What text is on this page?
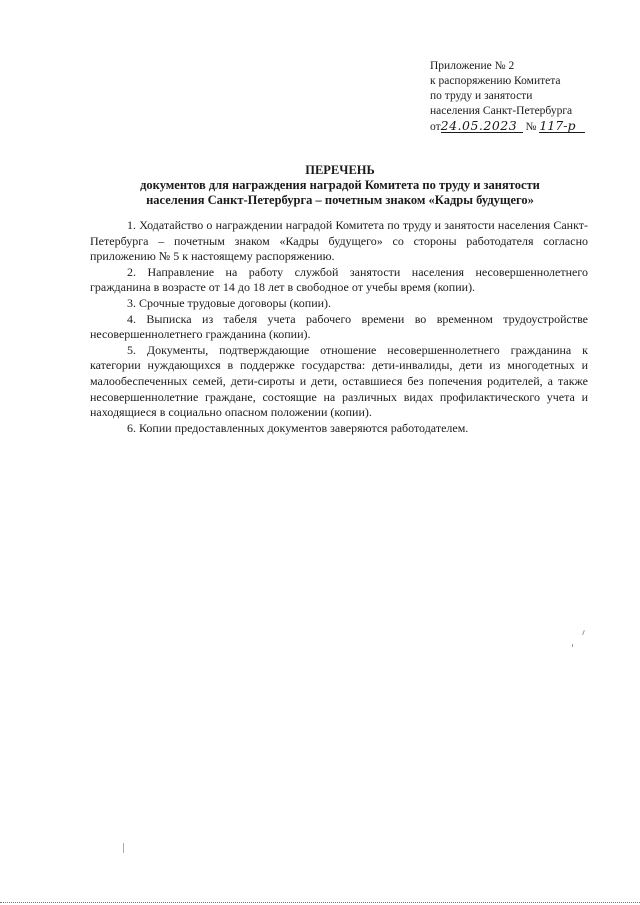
Приложение № 2
к распоряжению Комитета
по труду и занятости
населения Санкт-Петербурга
от24.05.2023 № 117-р
ПЕРЕЧЕНЬ
документов для награждения наградой Комитета по труду и занятости
населения Санкт-Петербурга – почетным знаком «Кадры будущего»

1. Ходатайство о награждении наградой Комитета по труду и занятости населения Санкт-Петербурга – почетным знаком «Кадры будущего» со стороны работодателя согласно приложению № 5 к настоящему распоряжению.

2. Направление на работу службой занятости населения несовершеннолетнего гражданина в возрасте от 14 до 18 лет в свободное от учебы время (копии).

3. Срочные трудовые договоры (копии).

4. Выписка из табеля учета рабочего времени во временном трудоустройстве несовершеннолетнего гражданина (копии).

5. Документы, подтверждающие отношение несовершеннолетнего гражданина к категории нуждающихся в поддержке государства: дети-инвалиды, дети из многодетных и малообеспеченных семей, дети-сироты и дети, оставшиеся без попечения родителей, а также несовершеннолетние граждане, состоящие на различных видах профилактического учета и находящиеся в социально опасном положении (копии).

6. Копии предоставленных документов заверяются работодателем.
